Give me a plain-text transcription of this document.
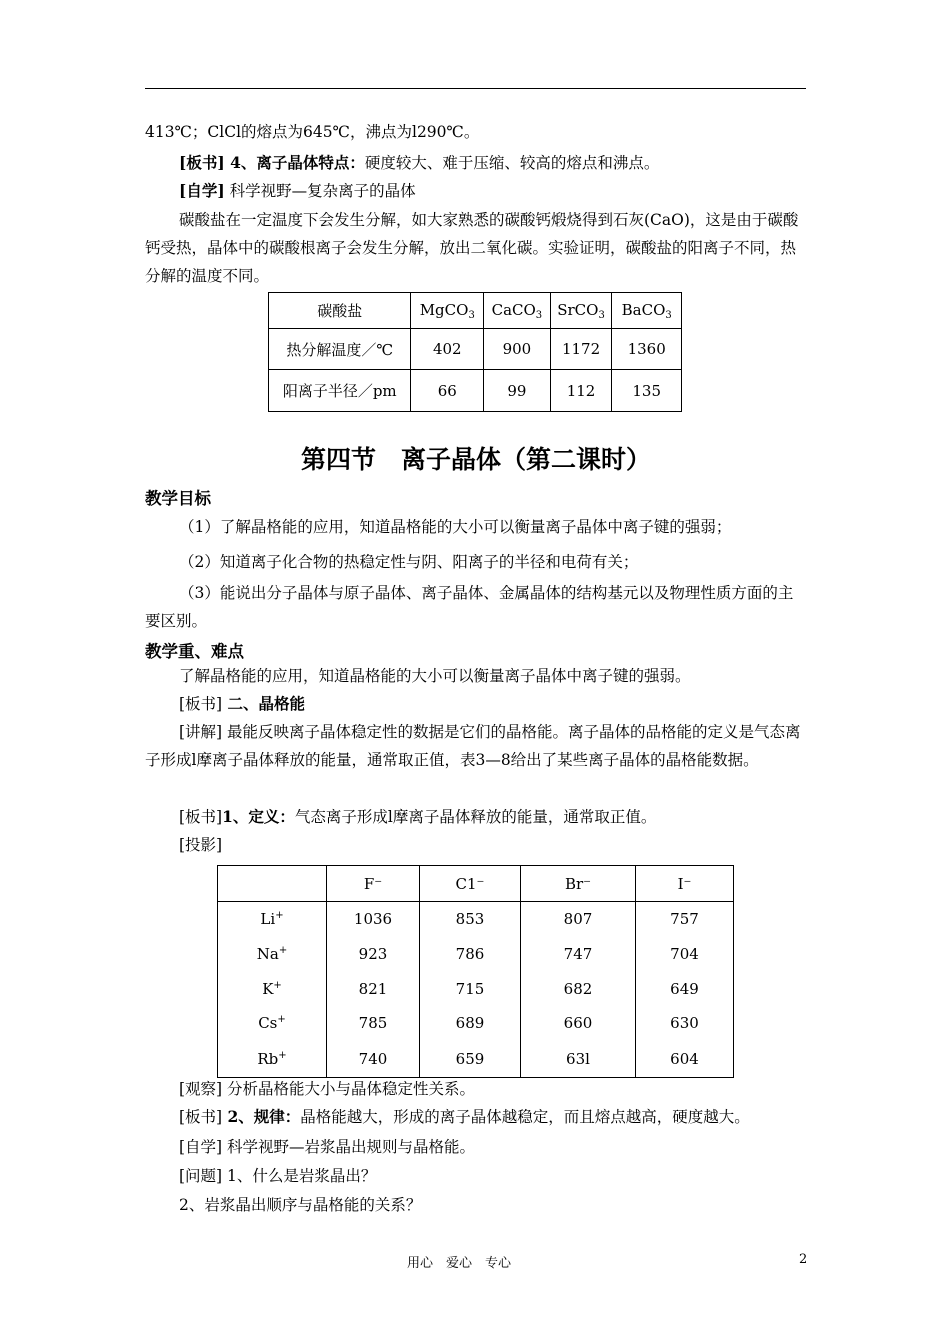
413℃；ClCl的熔点为645℃，沸点为l290℃。
[板书] 4、离子晶体特点：硬度较大、难于压缩、较高的熔点和沸点。
[自学] 科学视野—复杂离子的晶体
碳酸盐在一定温度下会发生分解，如大家熟悉的碳酸钙煅烧得到石灰(CaO)，这是由于碳酸钙受热，晶体中的碳酸根离子会发生分解，放出二氧化碳。实验证明，碳酸盐的阳离子不同，热分解的温度不同。
碳酸盐	MgCO$_3$	CaCO$_3$	SrCO$_3$	BaCO$_3$
热分解温度／℃	402	900	1172	1360
阳离子半径／pm	66	99	112	135
第四节　离子晶体（第二课时）
教学目标
（1）了解晶格能的应用，知道晶格能的大小可以衡量离子晶体中离子键的强弱；
（2）知道离子化合物的热稳定性与阴、阳离子的半径和电荷有关；
（3）能说出分子晶体与原子晶体、离子晶体、金属晶体的结构基元以及物理性质方面的主要区别。
教学重、难点
了解晶格能的应用，知道晶格能的大小可以衡量离子晶体中离子键的强弱。
[板书] 二、晶格能
[讲解] 最能反映离子晶体稳定性的数据是它们的晶格能。离子晶体的品格能的定义是气态离子形成l摩离子晶体释放的能量，通常取正值，表3—8给出了某些离子晶体的晶格能数据。
[板书]1、定义：气态离子形成l摩离子晶体释放的能量，通常取正值。
[投影]
	F⁻	C1⁻	Br⁻	I⁻
Li+	1036	853	807	757
Na+	923	786	747	704
K+	821	715	682	649
Cs+	785	689	660	630
Rb+	740	659	63l	604
[观察] 分析晶格能大小与晶体稳定性关系。
[板书] 2、规律：晶格能越大，形成的离子晶体越稳定，而且熔点越高，硬度越大。
[自学] 科学视野—岩浆晶出规则与晶格能。
[问题] 1、什么是岩浆晶出？
2、岩浆晶出顺序与晶格能的关系？
用心　爱心　专心	2
